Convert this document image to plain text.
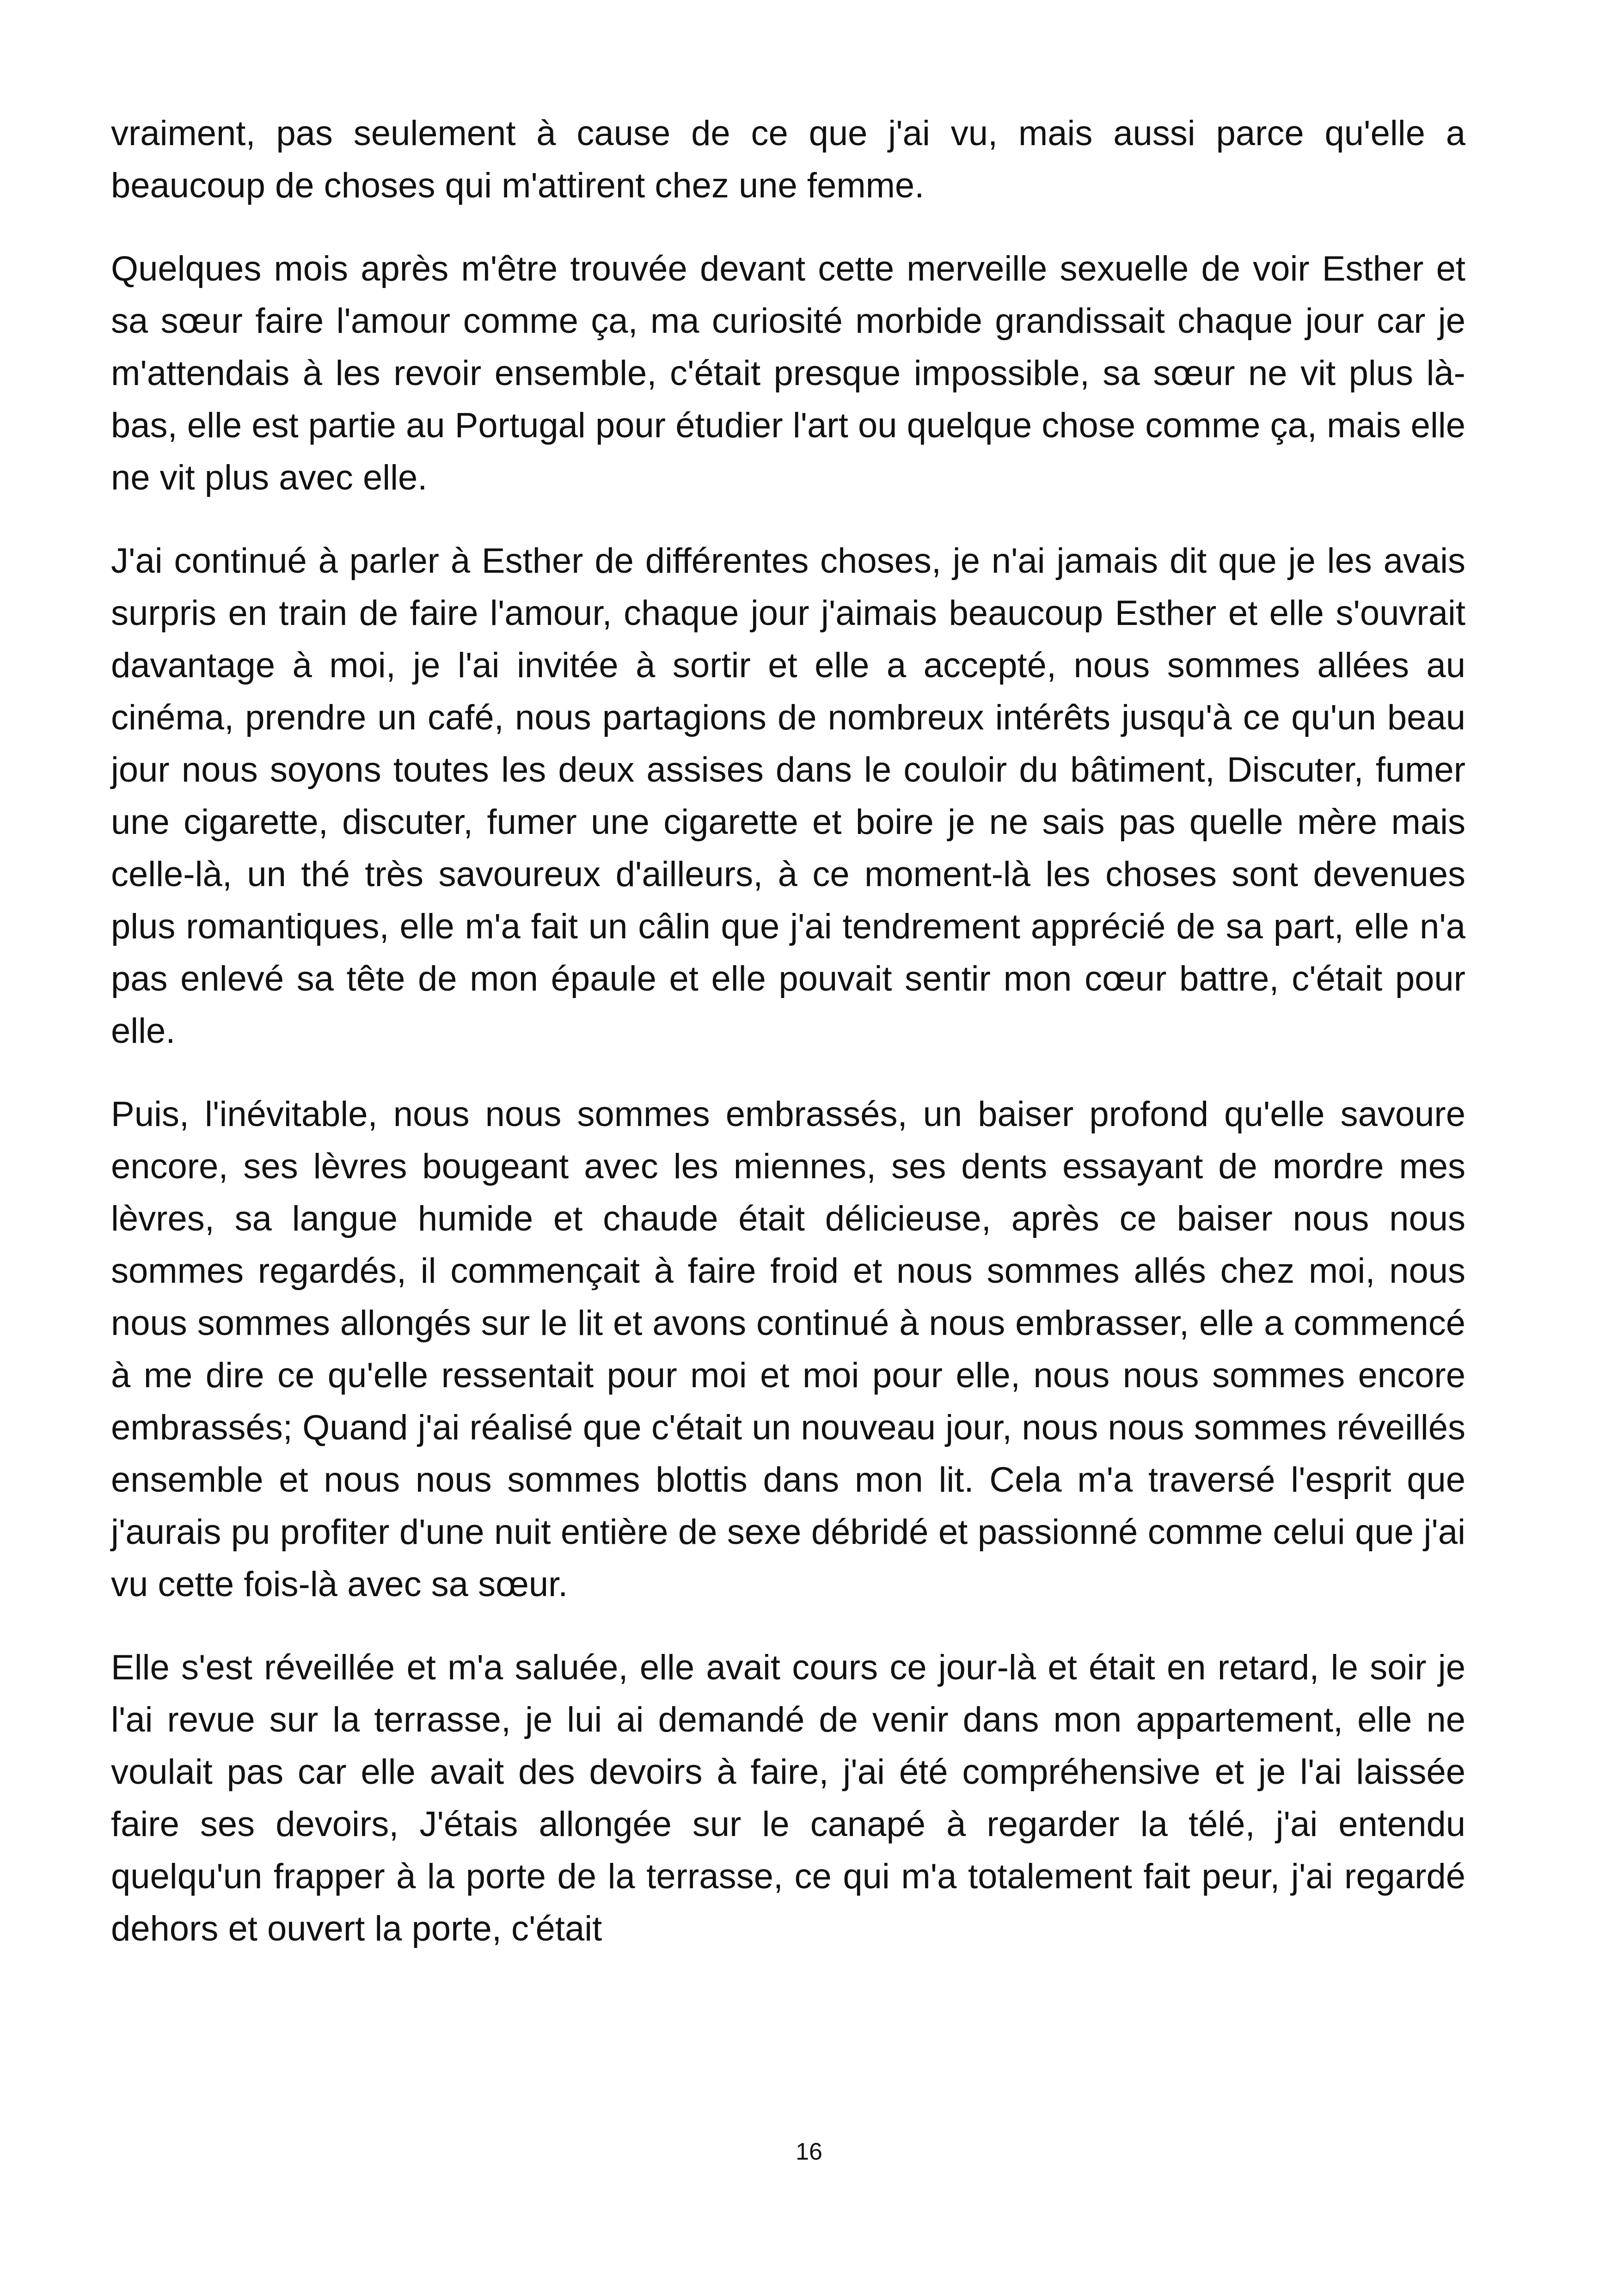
vraiment, pas seulement à cause de ce que j'ai vu, mais aussi parce qu'elle a beaucoup de choses qui m'attirent chez une femme.

Quelques mois après m'être trouvée devant cette merveille sexuelle de voir Esther et sa sœur faire l'amour comme ça, ma curiosité morbide grandissait chaque jour car je m'attendais à les revoir ensemble, c'était presque impossible, sa sœur ne vit plus là-bas, elle est partie au Portugal pour étudier l'art ou quelque chose comme ça, mais elle ne vit plus avec elle.

J'ai continué à parler à Esther de différentes choses, je n'ai jamais dit que je les avais surpris en train de faire l'amour, chaque jour j'aimais beaucoup Esther et elle s'ouvrait davantage à moi, je l'ai invitée à sortir et elle a accepté, nous sommes allées au cinéma, prendre un café, nous partagions de nombreux intérêts jusqu'à ce qu'un beau jour nous soyons toutes les deux assises dans le couloir du bâtiment, Discuter, fumer une cigarette, discuter, fumer une cigarette et boire je ne sais pas quelle mère mais celle-là, un thé très savoureux d'ailleurs, à ce moment-là les choses sont devenues plus romantiques, elle m'a fait un câlin que j'ai tendrement apprécié de sa part, elle n'a pas enlevé sa tête de mon épaule et elle pouvait sentir mon cœur battre, c'était pour elle.

Puis, l'inévitable, nous nous sommes embrassés, un baiser profond qu'elle savoure encore, ses lèvres bougeant avec les miennes, ses dents essayant de mordre mes lèvres, sa langue humide et chaude était délicieuse, après ce baiser nous nous sommes regardés, il commençait à faire froid et nous sommes allés chez moi, nous nous sommes allongés sur le lit et avons continué à nous embrasser, elle a commencé à me dire ce qu'elle ressentait pour moi et moi pour elle, nous nous sommes encore embrassés; Quand j'ai réalisé que c'était un nouveau jour, nous nous sommes réveillés ensemble et nous nous sommes blottis dans mon lit. Cela m'a traversé l'esprit que j'aurais pu profiter d'une nuit entière de sexe débridé et passionné comme celui que j'ai vu cette fois-là avec sa sœur.

Elle s'est réveillée et m'a saluée, elle avait cours ce jour-là et était en retard, le soir je l'ai revue sur la terrasse, je lui ai demandé de venir dans mon appartement, elle ne voulait pas car elle avait des devoirs à faire, j'ai été compréhensive et je l'ai laissée faire ses devoirs, J'étais allongée sur le canapé à regarder la télé, j'ai entendu quelqu'un frapper à la porte de la terrasse, ce qui m'a totalement fait peur, j'ai regardé dehors et ouvert la porte, c'était

16
